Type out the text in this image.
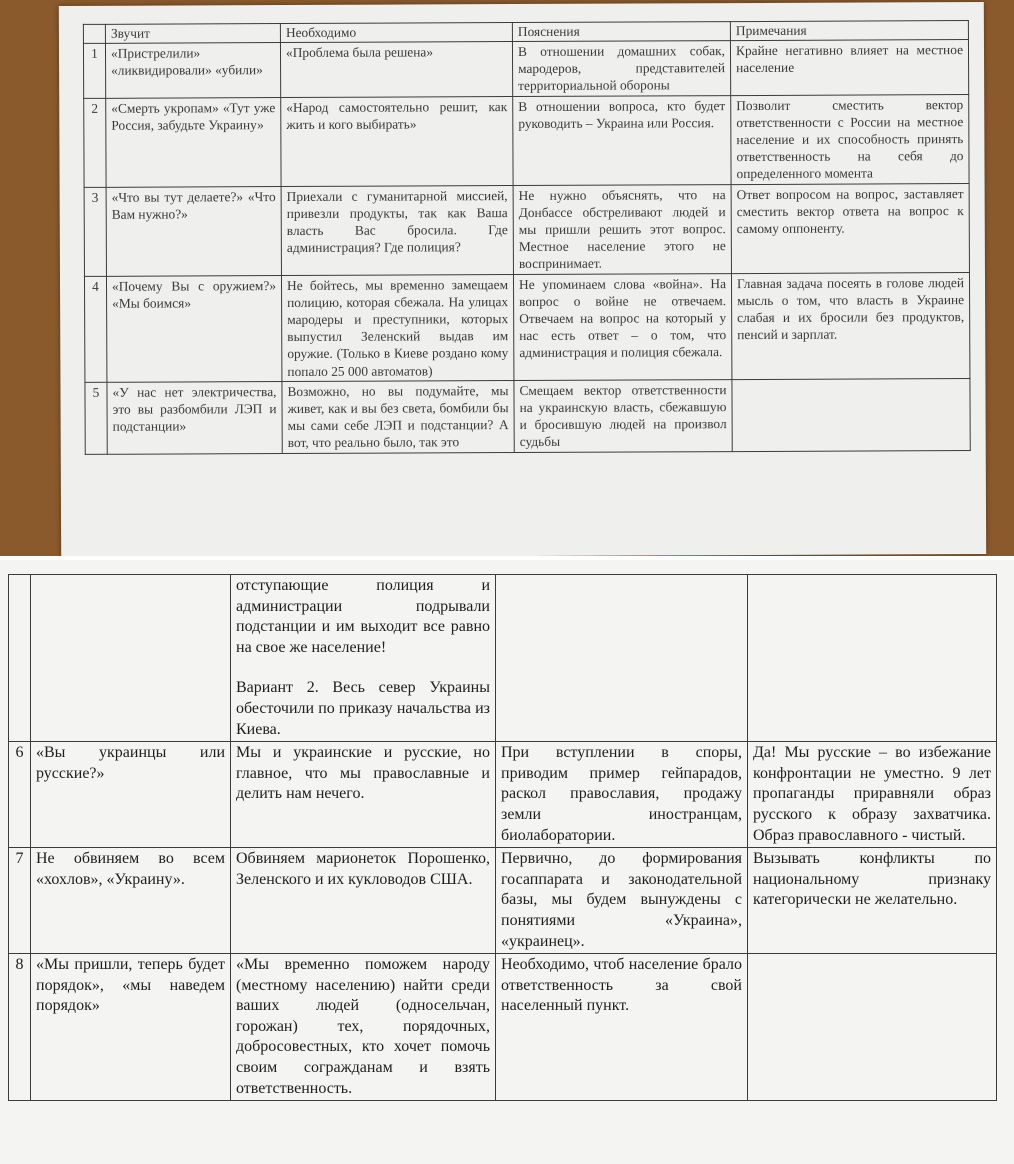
	Звучит	Необходимо	Пояснения	Примечания
1	«Пристрелили» «ликвидировали» «убили»	«Проблема была решена»	В отношении домашних собак, мародеров, представителей территориальной обороны	Крайне негативно влияет на местное население
2	«Смерть укропам» «Тут уже Россия, забудьте Украину»	«Народ самостоятельно решит, как жить и кого выбирать»	В отношении вопроса, кто будет руководить – Украина или Россия.	Позволит сместить вектор ответственности с России на местное население и их способность принять ответственность на себя до определенного момента
3	«Что вы тут делаете?» «Что Вам нужно?»	Приехали с гуманитарной миссией, привезли продукты, так как Ваша власть Вас бросила. Где администрация? Где полиция?	Не нужно объяснять, что на Донбассе обстреливают людей и мы пришли решить этот вопрос. Местное население этого не воспринимает.	Ответ вопросом на вопрос, заставляет сместить вектор ответа на вопрос к самому оппоненту.
4	«Почему Вы с оружием?» «Мы боимся»	Не бойтесь, мы временно замещаем полицию, которая сбежала. На улицах мародеры и преступники, которых выпустил Зеленский выдав им оружие. (Только в Киеве роздано кому попало 25 000 автоматов)	Не упоминаем слова «война». На вопрос о войне не отвечаем. Отвечаем на вопрос на который у нас есть ответ – о том, что администрация и полиция сбежала.	Главная задача посеять в голове людей мысль о том, что власть в Украине слабая и их бросили без продуктов, пенсий и зарплат.
5	«У нас нет электричества, это вы разбомбили ЛЭП и подстанции»	Возможно, но вы подумайте, мы живет, как и вы без света, бомбили бы мы сами себе ЛЭП и подстанции? А вот, что реально было, так это	Смещаем вектор ответственности на украинскую власть, сбежавшую и бросившую людей на произвол судьбы	

		отступающие полиция и администрации подрывали подстанции и им выходит все равно на свое же население!
Вариант 2. Весь север Украины обесточили по приказу начальства из Киева.		

6	«Вы украинцы или русские?»	Мы и украинские и русские, но главное, что мы православные и делить нам нечего.	При вступлении в споры, приводим пример гейпарадов, раскол православия, продажу земли иностранцам, биолаборатории.	Да! Мы русские – во избежание конфронтации не уместно. 9 лет пропаганды приравняли образ русского к образу захватчика. Образ православного - чистый.
7	Не обвиняем во всем «хохлов», «Украину».	Обвиняем марионеток Порошенко, Зеленского и их кукловодов США.	Первично, до формирования госаппарата и законодательной базы, мы будем вынуждены с понятиями «Украина», «украинец».	Вызывать конфликты по национальному признаку категорически не желательно.
8	«Мы пришли, теперь будет порядок», «мы наведем порядок»	«Мы временно поможем народу (местному населению) найти среди ваших людей (односельчан, горожан) тех, порядочных, добросовестных, кто хочет помочь своим согражданам и взять ответственность.	Необходимо, чтоб население брало ответственность за свой населенный пункт.	
